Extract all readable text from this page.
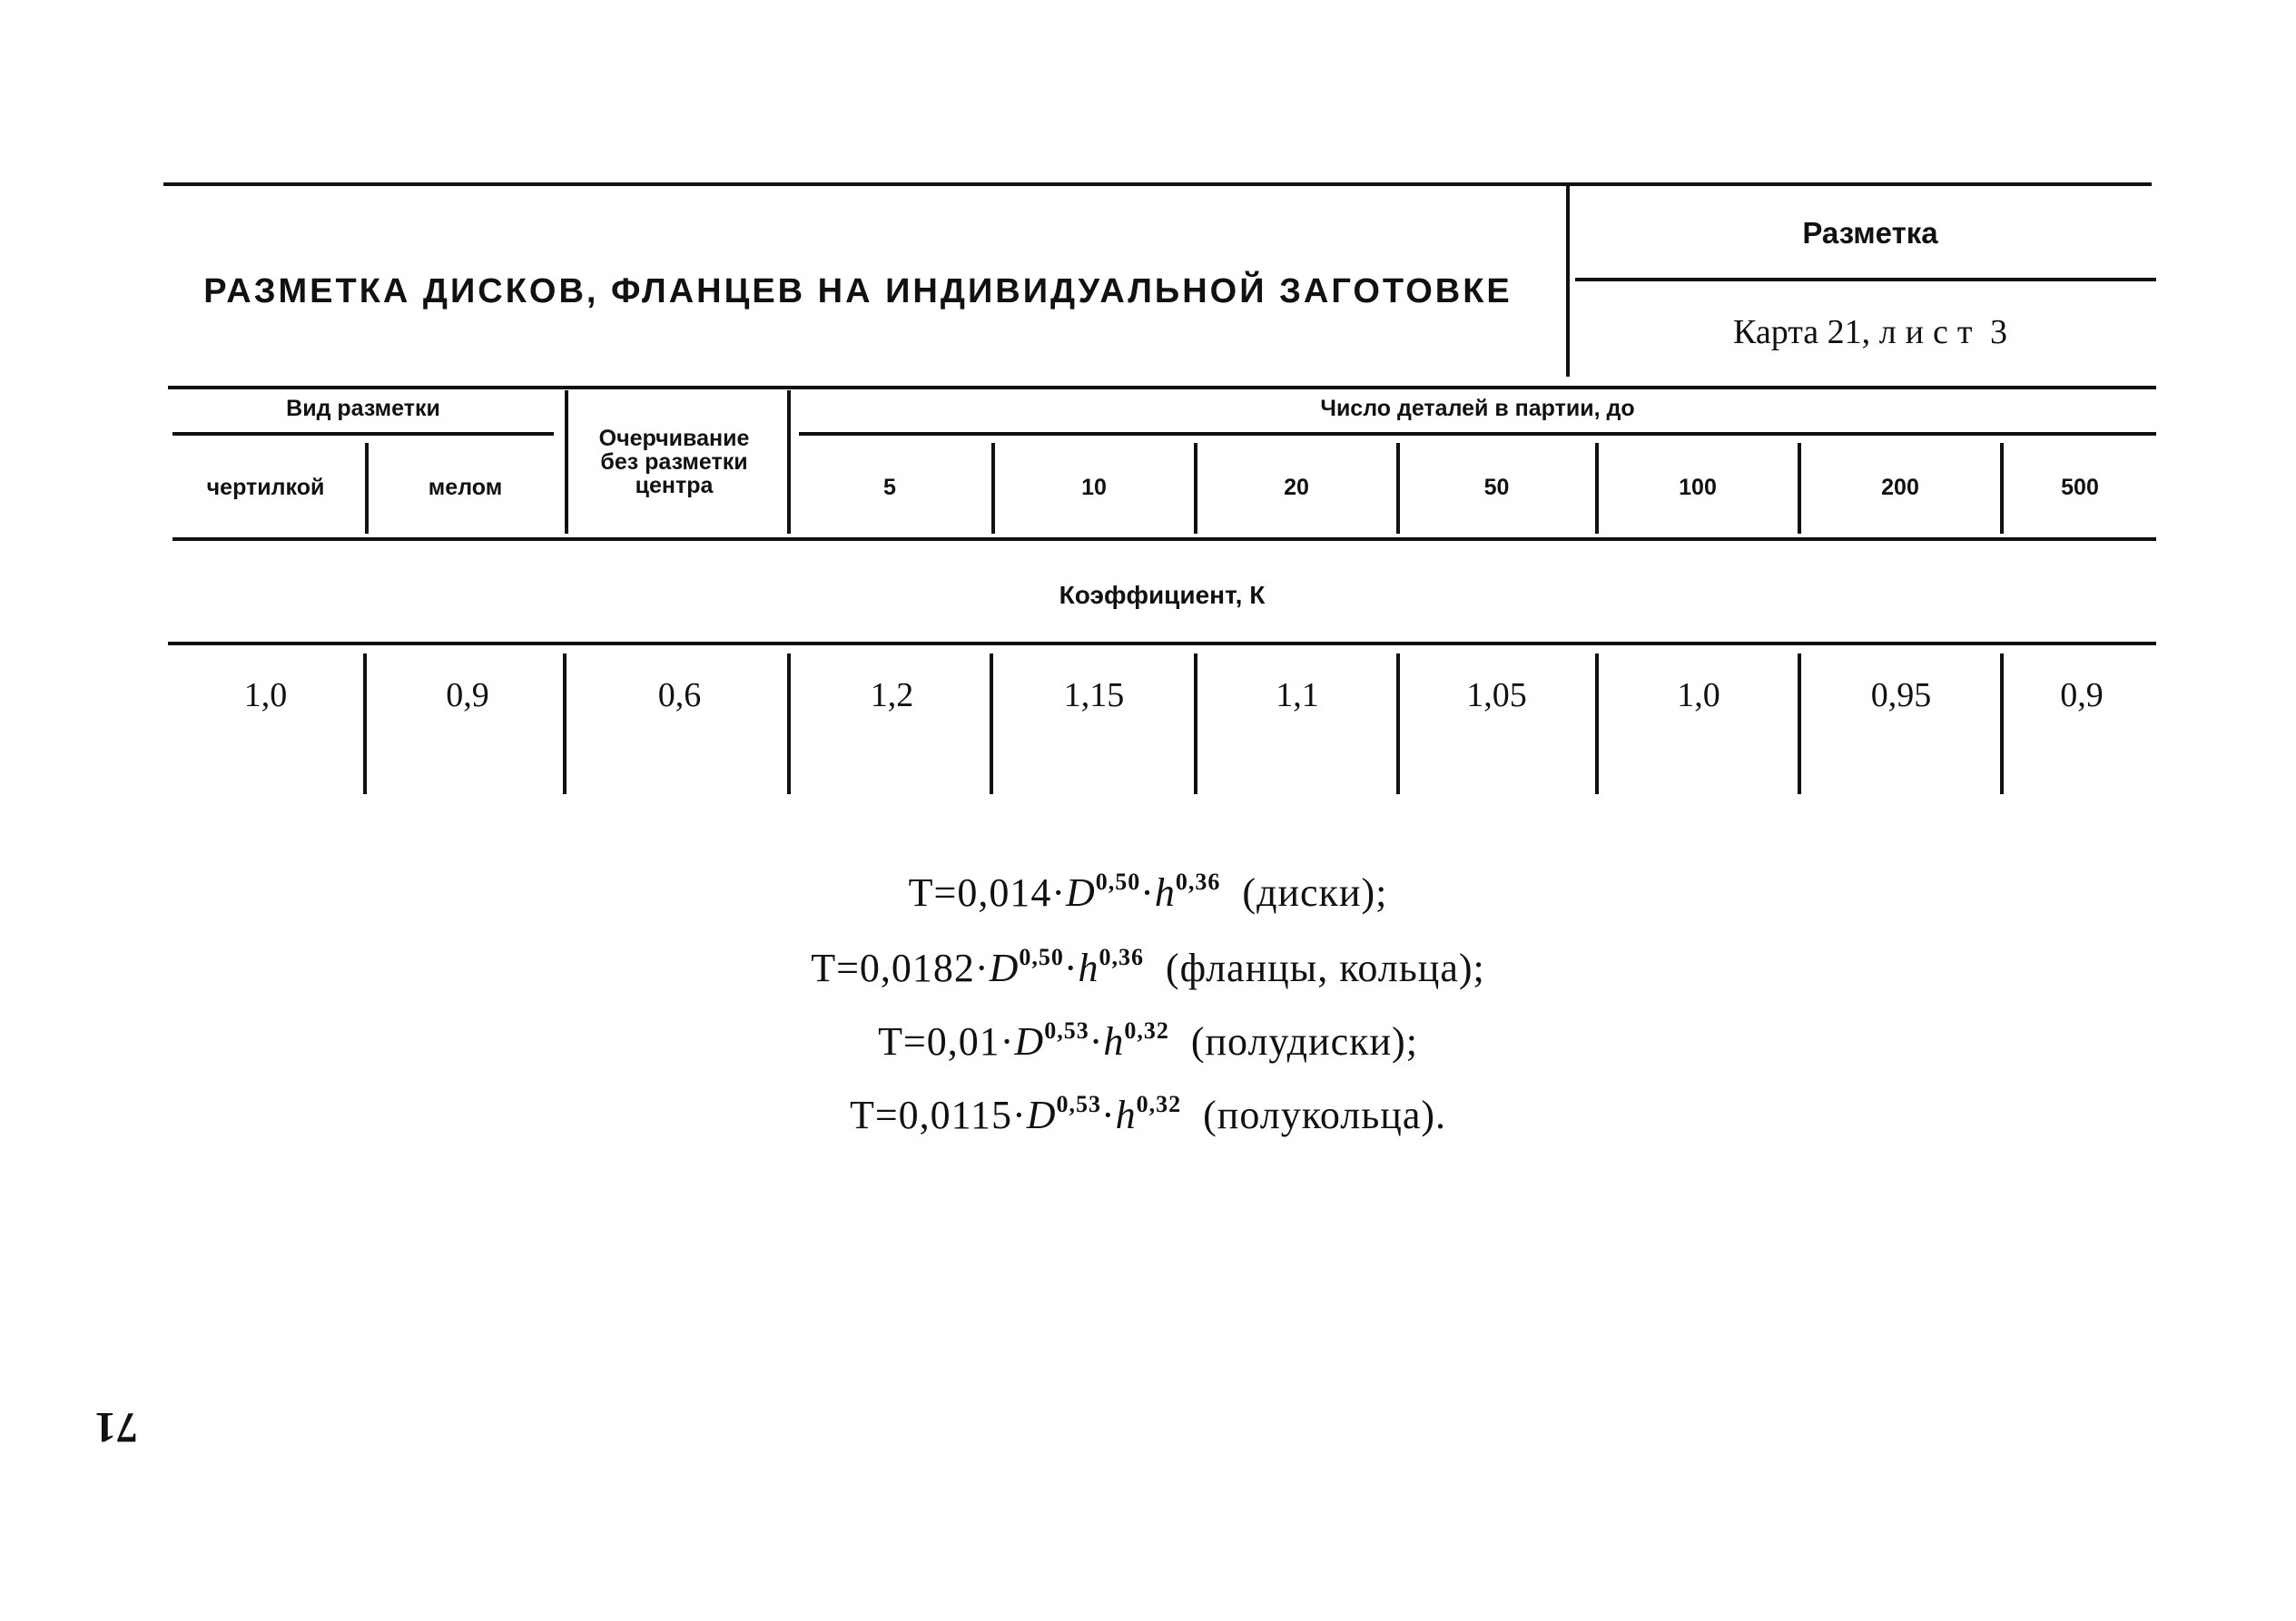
РАЗМЕТКА ДИСКОВ, ФЛАНЦЕВ НА ИНДИВИДУАЛЬНОЙ ЗАГОТОВКЕ
Разметка
Карта 21, лист 3
Вид разметки
чертилкой	мелом
Очерчивание без разметки центра
Число деталей в партии, до
5	10	20	50	100	200	500
Коэффициент, К
1,0	0,9	0,6	1,2	1,15	1,1	1,05	1,0	0,95	0,9
$T=0,014\cdot D^{0,50}\cdot h^{0,36}$ (диски);
$T=0,0182\cdot D^{0,50}\cdot h^{0,36}$ (фланцы, кольца);
$T=0,01\cdot D^{0,53}\cdot h^{0,32}$ (полудиски);
$T=0,0115\cdot D^{0,53}\cdot h^{0,32}$ (полукольца).
71
